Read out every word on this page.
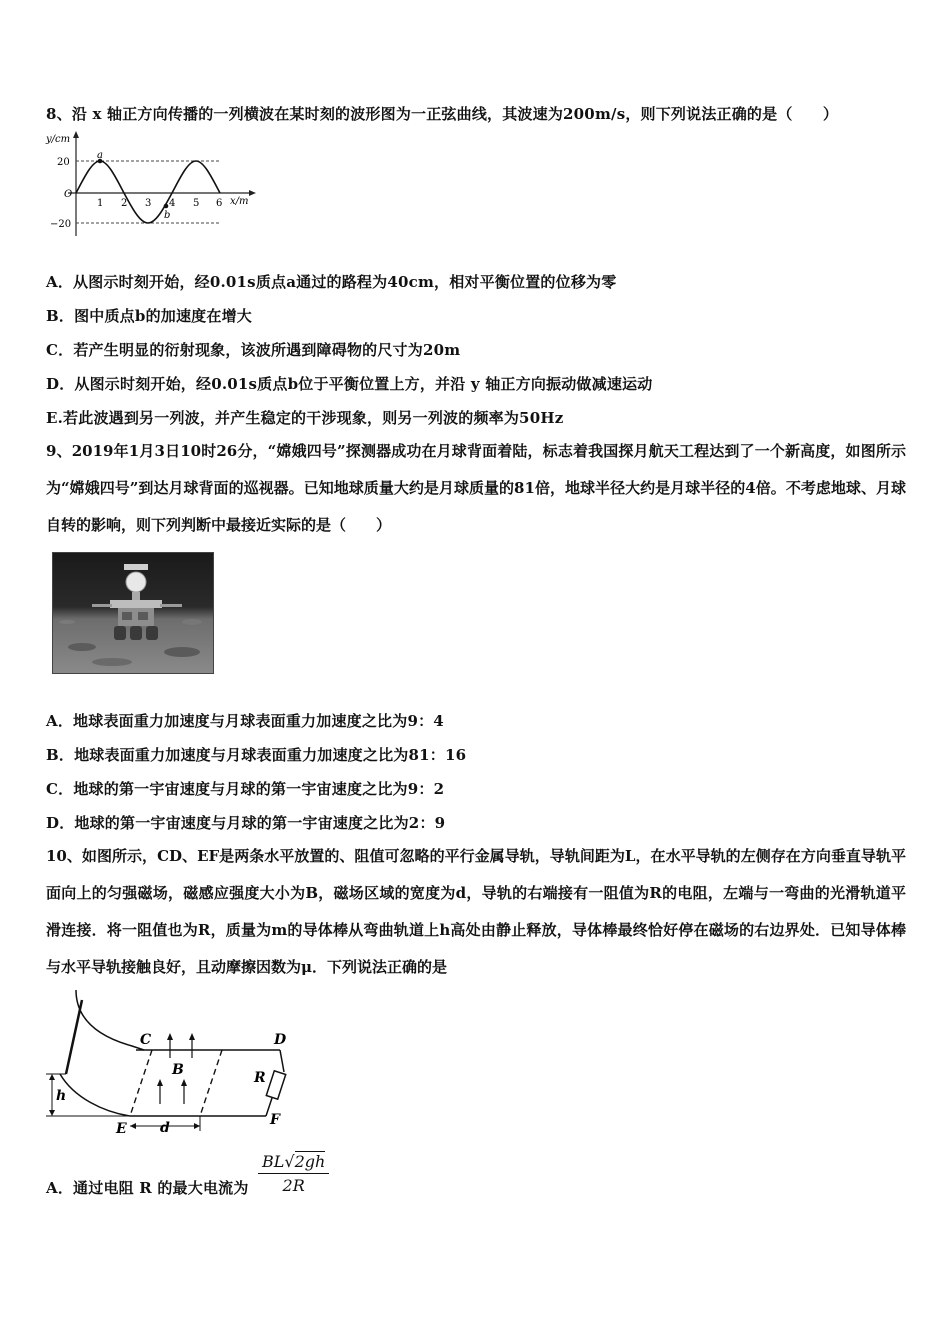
8、沿 x 轴正方向传播的一列横波在某时刻的波形图为一正弦曲线，其波速为200m/s，则下列说法正确的是（　　）
y/cm
20
O
−20
1 2 3 4 5 6 x/m
a
b
A．从图示时刻开始，经0.01s质点a通过的路程为40cm，相对平衡位置的位移为零
B．图中质点b的加速度在增大
C．若产生明显的衍射现象，该波所遇到障碍物的尺寸为20m
D．从图示时刻开始，经0.01s质点b位于平衡位置上方，并沿 y 轴正方向振动做减速运动
E.若此波遇到另一列波，并产生稳定的干涉现象，则另一列波的频率为50Hz
9、2019年1月3日10时26分，“嫦娥四号”探测器成功在月球背面着陆，标志着我国探月航天工程达到了一个新高度，如图所示为“嫦娥四号”到达月球背面的巡视器。已知地球质量大约是月球质量的81倍，地球半径大约是月球半径的4倍。不考虑地球、月球自转的影响，则下列判断中最接近实际的是（　　）
A．地球表面重力加速度与月球表面重力加速度之比为9：4
B．地球表面重力加速度与月球表面重力加速度之比为81：16
C．地球的第一宇宙速度与月球的第一宇宙速度之比为9：2
D．地球的第一宇宙速度与月球的第一宇宙速度之比为2：9
10、如图所示，CD、EF是两条水平放置的、阻值可忽略的平行金属导轨，导轨间距为L，在水平导轨的左侧存在方向垂直导轨平面向上的匀强磁场，磁感应强度大小为B，磁场区域的宽度为d，导轨的右端接有一阻值为R的电阻，左端与一弯曲的光滑轨道平滑连接．将一阻值也为R，质量为m的导体棒从弯曲轨道上h高处由静止释放，导体棒最终恰好停在磁场的右边界处．已知导体棒与水平导轨接触良好，且动摩擦因数为μ．下列说法正确的是
C	D
E
F
B	R
h
d
A．通过电阻 R 的最大电流为 $\frac{BL√2gh}{2R}$
